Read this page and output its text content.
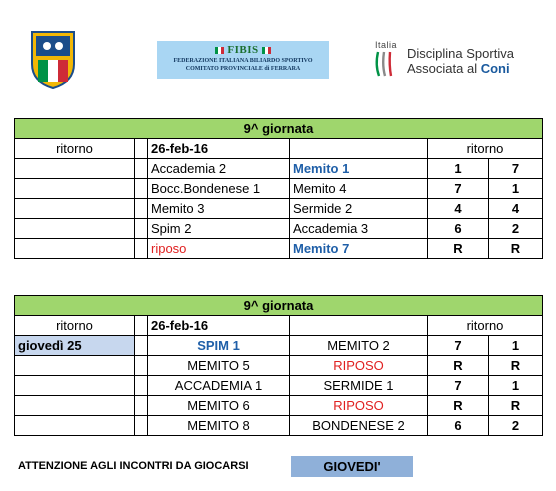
FIBIS
FEDERAZIONE ITALIANA BILIARDO SPORTIVO
COMITATO PROVINCIALE di FERRARA
Italia
Disciplina Sportiva
Associata al Coni
9^ giornata					
ritorno		26-feb-16		ritorno	
		Accademia 2	Memito 1	1	7
		Bocc.Bondenese 1	Memito 4	7	1
		Memito 3	Sermide 2	4	4
		Spim 2	Accademia 3	6	2
		riposo	Memito 7	R	R
9^ giornata					
ritorno		26-feb-16		ritorno	
giovedì 25		SPIM 1	MEMITO 2	7	1
		MEMITO 5	RIPOSO	R	R
		ACCADEMIA 1	SERMIDE 1	7	1
		MEMITO 6	RIPOSO	R	R
		MEMITO 8	BONDENESE 2	6	2
ATTENZIONE AGLI INCONTRI DA GIOCARSI	GIOVEDI'
